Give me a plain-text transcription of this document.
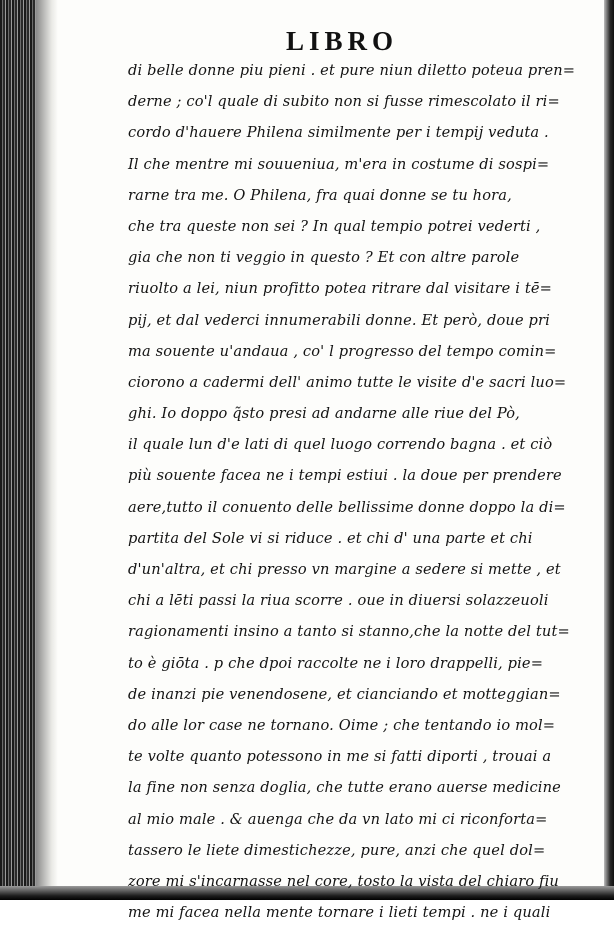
LIBRO
di belle donne piu pieni . et pure niun diletto poteua pren=
derne ; co'l quale di subito non si fusse rimescolato il ri=
cordo d'hauere Philena similmente per i tempij veduta .
Il che mentre mi souueniua, m'era in costume di sospi=
rarne tra me. O Philena, fra quai donne se tu hora,
che tra queste non sei ? In qual tempio potrei vederti ,
gia che non ti veggio in questo ? Et con altre parole
riuolto a lei, niun profitto potea ritrare dal visitare i tē=
pij, et dal vederci innumerabili donne. Et però, doue pri
ma souente u'andaua , co' l progresso del tempo comin=
ciorono a cadermi dell' animo tutte le visite d'e sacri luo=
ghi. Io doppo q̃sto presi ad andarne alle riue del Pò,
il quale lun d'e lati di quel luogo correndo bagna . et ciò
più souente facea ne i tempi estiui . la doue per prendere
aere,tutto il conuento delle bellissime donne doppo la di=
partita del Sole vi si riduce . et chi d' una parte et chi
d'un'altra, et chi presso vn margine a sedere si mette , et
chi a lēti passi la riua scorre . oue in diuersi solazzeuoli
ragionamenti insino a tanto si stanno,che la notte del tut=
to è giōta . p che dpoi raccolte ne i loro drappelli, pie=
de inanzi pie venendosene, et cianciando et motteggian=
do alle lor case ne tornano. Oime ; che tentando io mol=
te volte quanto potessono in me si fatti diporti , trouai a
la fine non senza doglia, che tutte erano auerse medicine
al mio male . & auenga che da vn lato mi ci riconforta=
tassero le liete dimestichezze, pure, anzi che quel dol=
zore mi s'incarnasse nel core, tosto la vista del chiaro fiu
me mi facea nella mente tornare i lieti tempi . ne i quali
